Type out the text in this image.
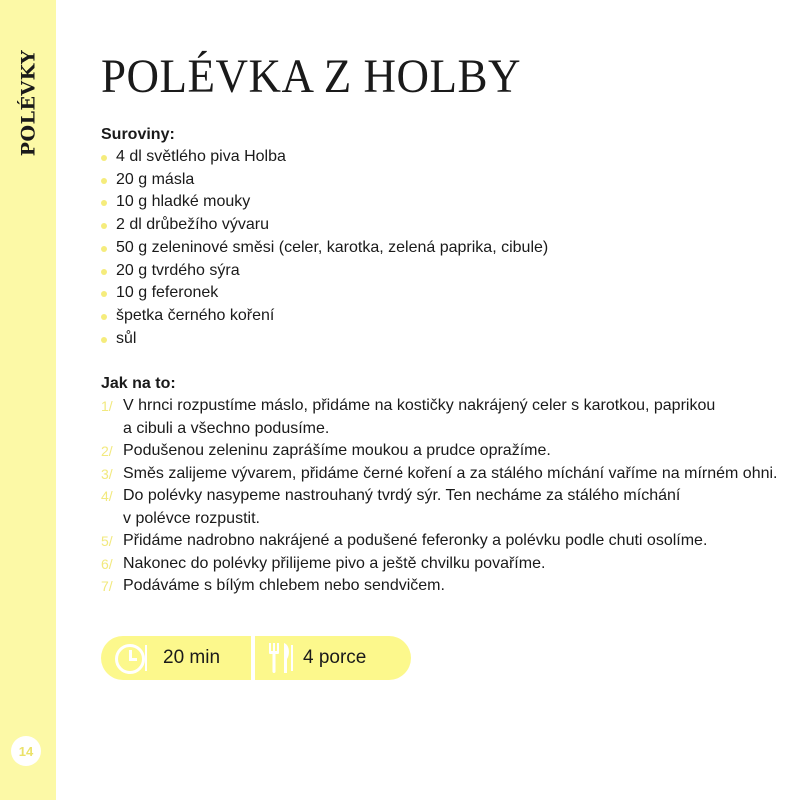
POLÉVKY
14
POLÉVKA Z HOLBY
Suroviny:
4 dl světlého piva Holba
20 g másla
10 g hladké mouky
2 dl drůbežího vývaru
50 g zeleninové směsi (celer, karotka, zelená paprika, cibule)
20 g tvrdého sýra
10 g feferonek
špetka černého koření
sůl
Jak na to:
1/ V hrnci rozpustíme máslo, přidáme na kostičky nakrájený celer s karotkou, paprikou
a cibuli a všechno podusíme.
2/ Podušenou zeleninu zaprášíme moukou a prudce opražíme.
3/ Směs zalijeme vývarem, přidáme černé koření a za stálého míchání vaříme na mírném ohni.
4/ Do polévky nasypeme nastrouhaný tvrdý sýr. Ten necháme za stálého míchání
v polévce rozpustit.
5/ Přidáme nadrobno nakrájené a podušené feferonky a polévku podle chuti osolíme.
6/ Nakonec do polévky přilijeme pivo a ještě chvilku povaříme.
7/ Podáváme s bílým chlebem nebo sendvičem.
20 min	4 porce
